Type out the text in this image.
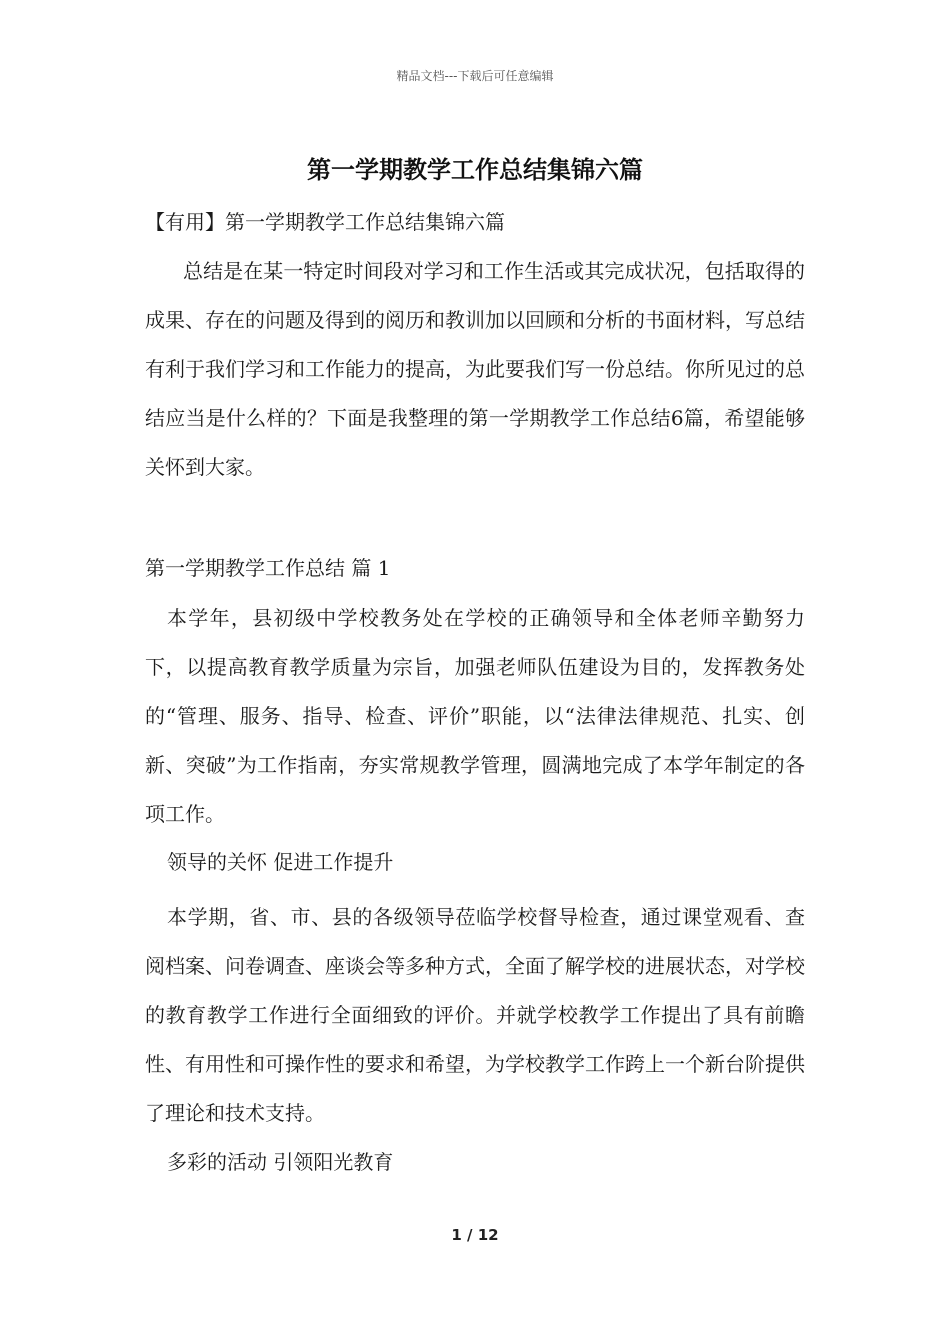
精品文档---下载后可任意编辑
第一学期教学工作总结集锦六篇
【有用】第一学期教学工作总结集锦六篇

总结是在某一特定时间段对学习和工作生活或其完成状况，包括取得的成果、存在的问题及得到的阅历和教训加以回顾和分析的书面材料，写总结有利于我们学习和工作能力的提高，为此要我们写一份总结。你所见过的总结应当是什么样的？下面是我整理的第一学期教学工作总结6篇，希望能够关怀到大家。

第一学期教学工作总结 篇 1

本学年，县初级中学校教务处在学校的正确领导和全体老师辛勤努力下，以提高教育教学质量为宗旨，加强老师队伍建设为目的，发挥教务处的“管理、服务、指导、检查、评价”职能，以“法律法律规范、扎实、创新、突破”为工作指南，夯实常规教学管理，圆满地完成了本学年制定的各项工作。

领导的关怀 促进工作提升

本学期，省、市、县的各级领导莅临学校督导检查，通过课堂观看、查阅档案、问卷调查、座谈会等多种方式，全面了解学校的进展状态，对学校的教育教学工作进行全面细致的评价。并就学校教学工作提出了具有前瞻性、有用性和可操作性的要求和希望，为学校教学工作跨上一个新台阶提供了理论和技术支持。

多彩的活动 引领阳光教育
1 / 12
